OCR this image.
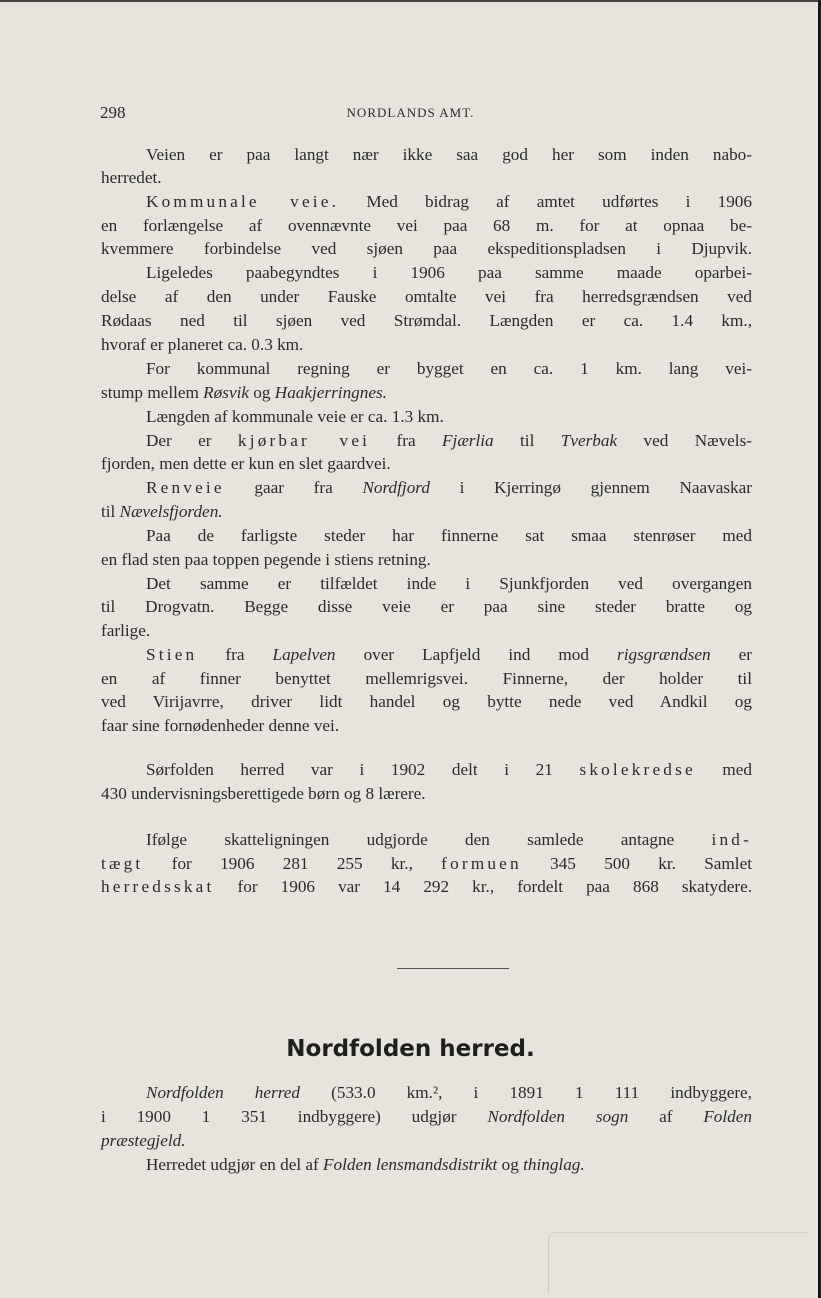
298	NORDLANDS AMT.
Veien er paa langt nær ikke saa god her som inden nabo-
herredet.
Kommunale veie. Med bidrag af amtet udførtes i 1906
en forlængelse af ovennævnte vei paa 68 m. for at opnaa be-
kvemmere forbindelse ved sjøen paa ekspeditionspladsen i Djupvik.
Ligeledes paabegyndtes i 1906 paa samme maade oparbei-
delse af den under Fauske omtalte vei fra herredsgrændsen ved
Rødaas ned til sjøen ved Strømdal. Længden er ca. 1.4 km.,
hvoraf er planeret ca. 0.3 km.
For kommunal regning er bygget en ca. 1 km. lang vei-
stump mellem Røsvik og Haakjerringnes.
Længden af kommunale veie er ca. 1.3 km.
Der er kjørbar vei fra Fjærlia til Tverbak ved Nævels-
fjorden, men dette er kun en slet gaardvei.
Renveie gaar fra Nordfjord i Kjerringø gjennem Naavaskar
til Nævelsfjorden.
Paa de farligste steder har finnerne sat smaa stenrøser med
en flad sten paa toppen pegende i stiens retning.
Det samme er tilfældet inde i Sjunkfjorden ved overgangen
til Drogvatn. Begge disse veie er paa sine steder bratte og
farlige.
Stien fra Lapelven over Lapfjeld ind mod rigsgrændsen er
en af finner benyttet mellemrigsvei. Finnerne, der holder til
ved Virijavrre, driver lidt handel og bytte nede ved Andkil og
faar sine fornødenheder denne vei.
Sørfolden herred var i 1902 delt i 21 skolekredse med
430 undervisningsberettigede børn og 8 lærere.
Ifølge skatteligningen udgjorde den samlede antagne ind-
tægt for 1906 281 255 kr., formuen 345 500 kr. Samlet
herredsskat for 1906 var 14 292 kr., fordelt paa 868 skatydere.
Nordfolden herred (533.0 km.², i 1891 1 111 indbyggere,
i 1900 1 351 indbyggere) udgjør Nordfolden sogn af Folden
præstegjeld.
Herredet udgjør en del af Folden lensmandsdistrikt og thinglag.
Nordfolden herred.
